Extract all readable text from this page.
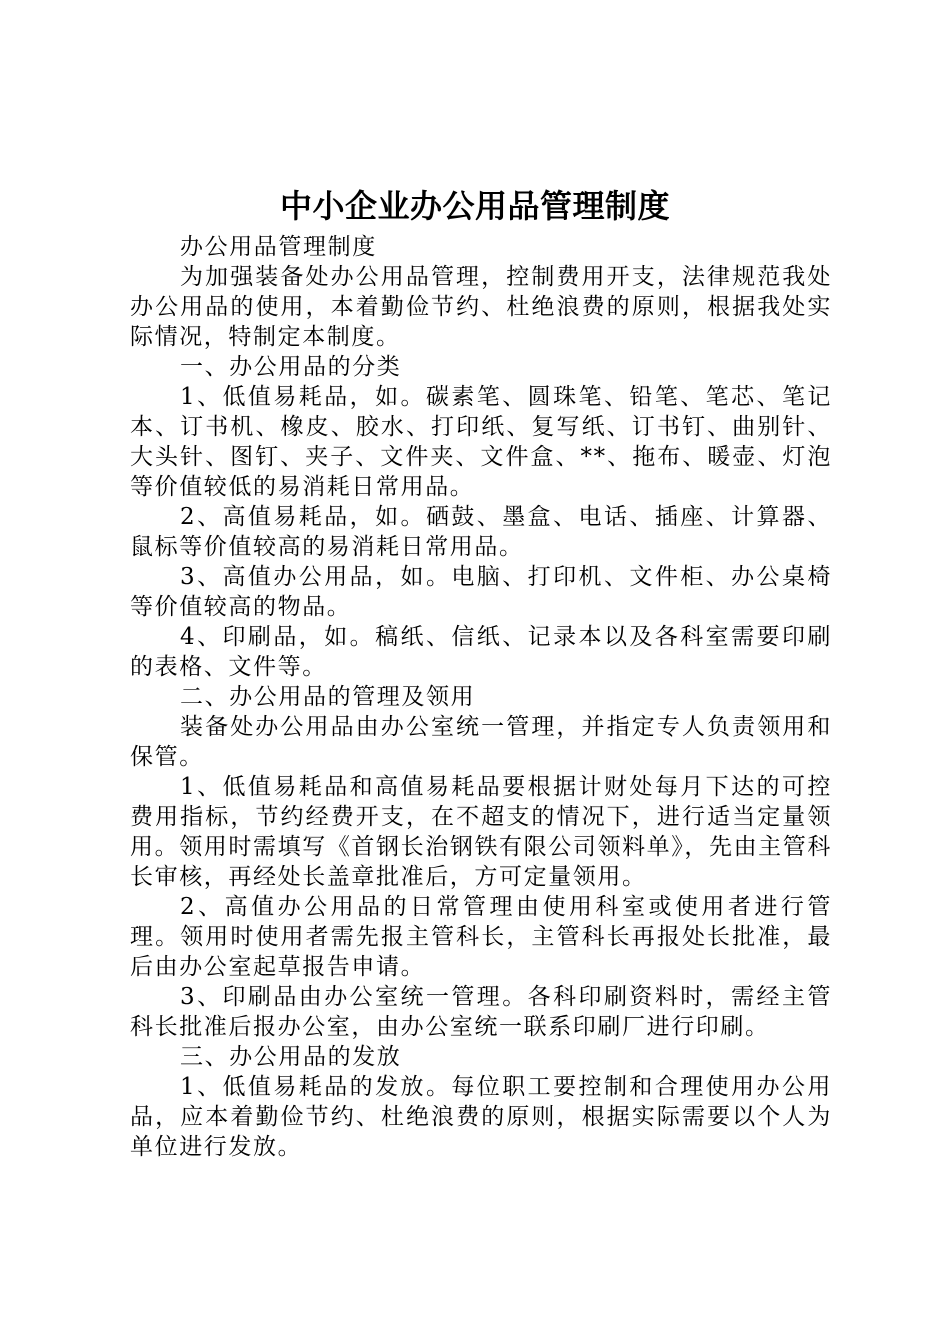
中小企业办公用品管理制度

办公用品管理制度

为加强装备处办公用品管理，控制费用开支，法律规范我处办公用品的使用，本着勤俭节约、杜绝浪费的原则，根据我处实际情况，特制定本制度。

一、办公用品的分类

1、低值易耗品，如。碳素笔、圆珠笔、铅笔、笔芯、笔记本、订书机、橡皮、胶水、打印纸、复写纸、订书钉、曲别针、大头针、图钉、夹子、文件夹、文件盒、**、拖布、暖壶、灯泡等价值较低的易消耗日常用品。

2、高值易耗品，如。硒鼓、墨盒、电话、插座、计算器、鼠标等价值较高的易消耗日常用品。

3、高值办公用品，如。电脑、打印机、文件柜、办公桌椅等价值较高的物品。

4、印刷品，如。稿纸、信纸、记录本以及各科室需要印刷的表格、文件等。

二、办公用品的管理及领用

装备处办公用品由办公室统一管理，并指定专人负责领用和保管。

1、低值易耗品和高值易耗品要根据计财处每月下达的可控费用指标，节约经费开支，在不超支的情况下，进行适当定量领用。领用时需填写《首钢长治钢铁有限公司领料单》，先由主管科长审核，再经处长盖章批准后，方可定量领用。

2、高值办公用品的日常管理由使用科室或使用者进行管理。领用时使用者需先报主管科长，主管科长再报处长批准，最后由办公室起草报告申请。

3、印刷品由办公室统一管理。各科印刷资料时，需经主管科长批准后报办公室，由办公室统一联系印刷厂进行印刷。

三、办公用品的发放

1、低值易耗品的发放。每位职工要控制和合理使用办公用品，应本着勤俭节约、杜绝浪费的原则，根据实际需要以个人为单位进行发放。
